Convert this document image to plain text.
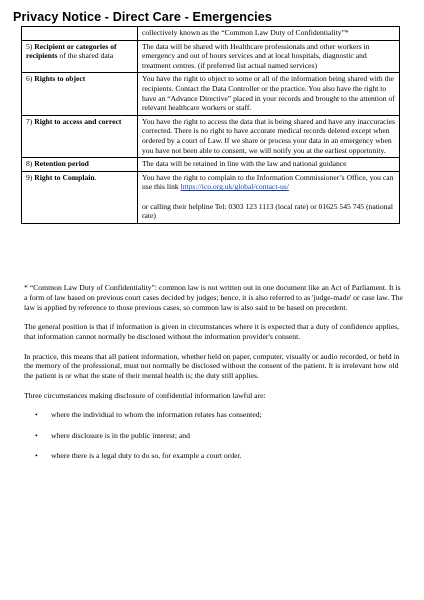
Privacy Notice - Direct Care - Emergencies
	collectively known as the “Common Law Duty of Confidentiality”*
5) Recipient or categories of recipients of the shared data	The data will be shared with Healthcare professionals and other workers in emergency and out of hours services and at local hospitals, diagnostic and treatment centres. (if preferred list actual named services)
6) Rights to object	You have the right to object to some or all of the information being shared with the recipients. Contact the Data Controller or the practice. You also have the right to have an “Advance Directive” placed in your records and brought to the attention of relevant healthcare workers or staff.
7) Right to access and correct	You have the right to access the data that is being shared and have any inaccuracies corrected. There is no right to have accurate medical records deleted except when ordered by a court of Law. If we share or process your data in an emergency when you have not been able to consent, we will notify you at the earliest opportunity.
8) Retention period	The data will be retained in line with the law and national guidance
9) Right to Complain.	You have the right to complain to the Information Commissioner’s Office, you can use this link https://ico.org.uk/global/contact-us/
or calling their helpline Tel: 0303 123 1113 (local rate) or 01625 545 745 (national rate)

* “Common Law Duty of Confidentiality”: common law is not written out in one document like an Act of Parliament. It is a form of law based on previous court cases decided by judges; hence, it is also referred to as 'judge-made' or case law. The law is applied by reference to those previous cases, so common law is also said to be based on precedent.

The general position is that if information is given in circumstances where it is expected that a duty of confidence applies, that information cannot normally be disclosed without the information provider's consent.

In practice, this means that all patient information, whether held on paper, computer, visually or audio recorded, or held in the memory of the professional, must not normally be disclosed without the consent of the patient. It is irrelevant how old the patient is or what the state of their mental health is; the duty still applies.

Three circumstances making disclosure of confidential information lawful are:

• where the individual to whom the information relates has consented;
• where disclosure is in the public interest; and
• where there is a legal duty to do so, for example a court order.
